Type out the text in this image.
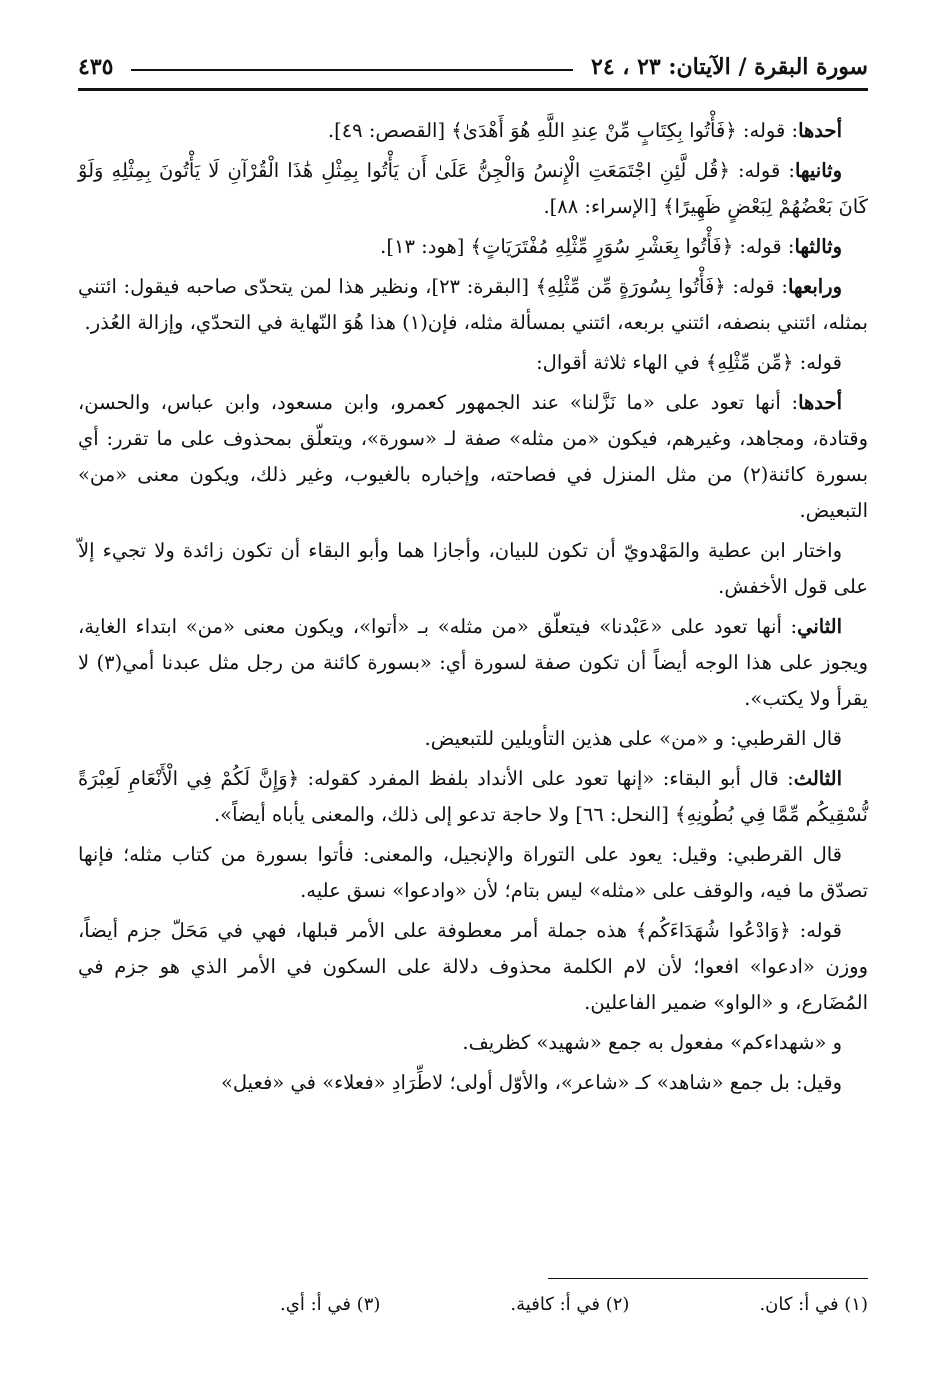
سورة البقرة / الآيتان: ٢٣ ، ٢٤
٤٣٥

أحدها: قوله: ﴿فَأْتُوا بِكِتَابٍ مِّنْ عِندِ اللَّهِ هُوَ أَهْدَىٰ﴾ [القصص: ٤٩].

وثانيها: قوله: ﴿قُل لَّئِنِ اجْتَمَعَتِ الْإِنسُ وَالْجِنُّ عَلَىٰ أَن يَأْتُوا بِمِثْلِ هَٰذَا الْقُرْآنِ لَا يَأْتُونَ بِمِثْلِهِ وَلَوْ كَانَ بَعْضُهُمْ لِبَعْضٍ ظَهِيرًا﴾ [الإسراء: ٨٨].

وثالثها: قوله: ﴿فَأْتُوا بِعَشْرِ سُوَرٍ مِّثْلِهِ مُفْتَرَيَاتٍ﴾ [هود: ١٣].

ورابعها: قوله: ﴿فَأْتُوا بِسُورَةٍ مِّن مِّثْلِهِ﴾ [البقرة: ٢٣]، ونظير هذا لمن يتحدّى صاحبه فيقول: ائتني بمثله، ائتني بنصفه، ائتني بربعه، ائتني بمسألة مثله، فإن(١) هذا هُوَ النّهاية في التحدّي، وإزالة العُذر.

قوله: ﴿مِّن مِّثْلِهِ﴾ في الهاء ثلاثة أقوال:

أحدها: أنها تعود على «ما نَزَّلنا» عند الجمهور كعمرو، وابن مسعود، وابن عباس، والحسن، وقتادة، ومجاهد، وغيرهم، فيكون «من مثله» صفة لـ «سورة»، ويتعلّق بمحذوف على ما تقرر: أي بسورة كائنة(٢) من مثل المنزل في فصاحته، وإخباره بالغيوب، وغير ذلك، ويكون معنى «من» التبعيض.

واختار ابن عطية والمَهْدويّ أن تكون للبيان، وأجازا هما وأبو البقاء أن تكون زائدة ولا تجيء إلاّ على قول الأخفش.

الثاني: أنها تعود على «عَبْدنا» فيتعلّق «من مثله» بـ «أتوا»، ويكون معنى «من» ابتداء الغاية، ويجوز على هذا الوجه أيضاً أن تكون صفة لسورة أي: «بسورة كائنة من رجل مثل عبدنا أمي(٣) لا يقرأ ولا يكتب».

قال القرطبي: و «من» على هذين التأويلين للتبعيض.

الثالث: قال أبو البقاء: «إنها تعود على الأنداد بلفظ المفرد كقوله: ﴿وَإِنَّ لَكُمْ فِي الْأَنْعَامِ لَعِبْرَةً نُّسْقِيكُم مِّمَّا فِي بُطُونِهِ﴾ [النحل: ٦٦] ولا حاجة تدعو إلى ذلك، والمعنى يأباه أيضاً».

قال القرطبي: وقيل: يعود على التوراة والإنجيل، والمعنى: فأتوا بسورة من كتاب مثله؛ فإنها تصدّق ما فيه، والوقف على «مثله» ليس بتام؛ لأن «وادعوا» نسق عليه.

قوله: ﴿وَادْعُوا شُهَدَاءَكُم﴾ هذه جملة أمر معطوفة على الأمر قبلها، فهي في مَحَلّ جزم أيضاً، ووزن «ادعوا» افعوا؛ لأن لام الكلمة محذوف دلالة على السكون في الأمر الذي هو جزم في المُضَارع، و «الواو» ضمير الفاعلين.

و «شهداءكم» مفعول به جمع «شهيد» كظريف.

وقيل: بل جمع «شاهد» كـ «شاعر»، والأوّل أولى؛ لاطِّرَادِ «فعلاء» في «فعيل»

(١) في أ: كان.
(٢) في أ: كافية.
(٣) في أ: أي.
